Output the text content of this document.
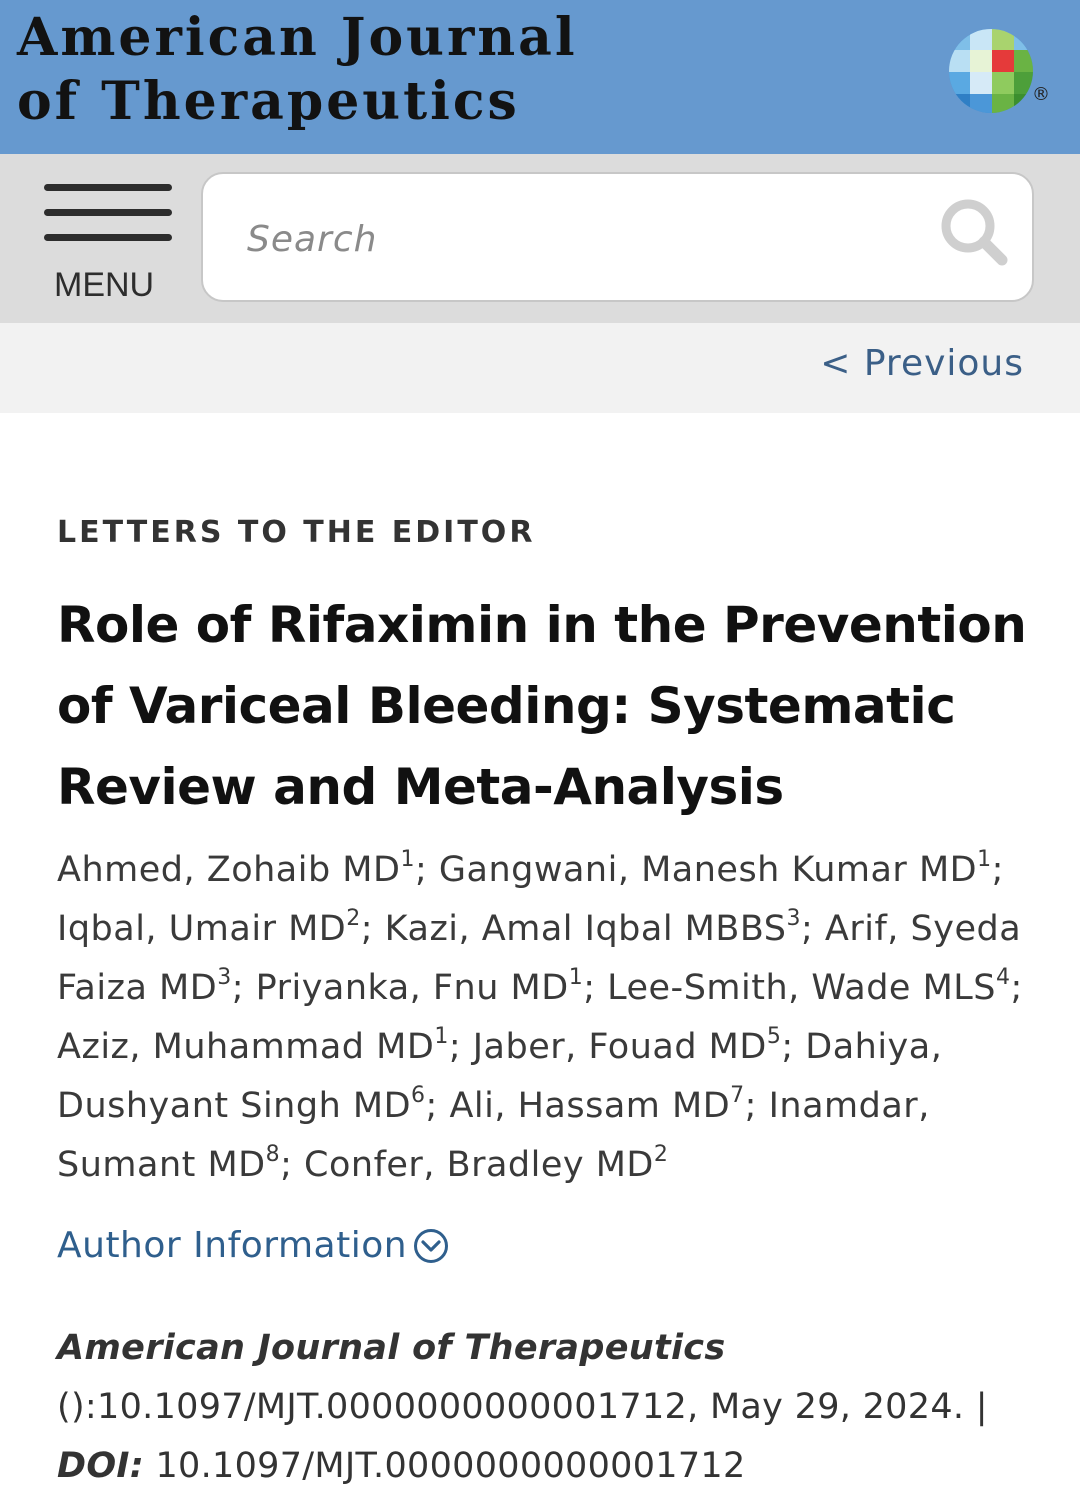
American Journal
of Therapeutics	®
MENU
Search
< Previous
LETTERS TO THE EDITOR
Role of Rifaximin in the Prevention of Variceal Bleeding: Systematic Review and Meta-Analysis
Ahmed, Zohaib $MD^1$; Gangwani, Manesh Kumar $MD^1$; Iqbal, Umair $MD^2$; Kazi, Amal Iqbal MBBS$^3$; Arif, Syeda Faiza $MD^3$; Priyanka, Fnu $MD^1$; Lee-Smith, Wade MLS$^4$; Aziz, Muhammad $MD^1$; Jaber, Fouad $MD^5$; Dahiya, Dushyant Singh $MD^6$; Ali, Hassam $MD^7$; Inamdar, Sumant $MD^8$; Confer, Bradley $MD^2$
Author Information
American Journal of Therapeutics
():10.1097/MJT.0000000000001712, May 29, 2024. | DOI: 10.1097/MJT.0000000000001712
